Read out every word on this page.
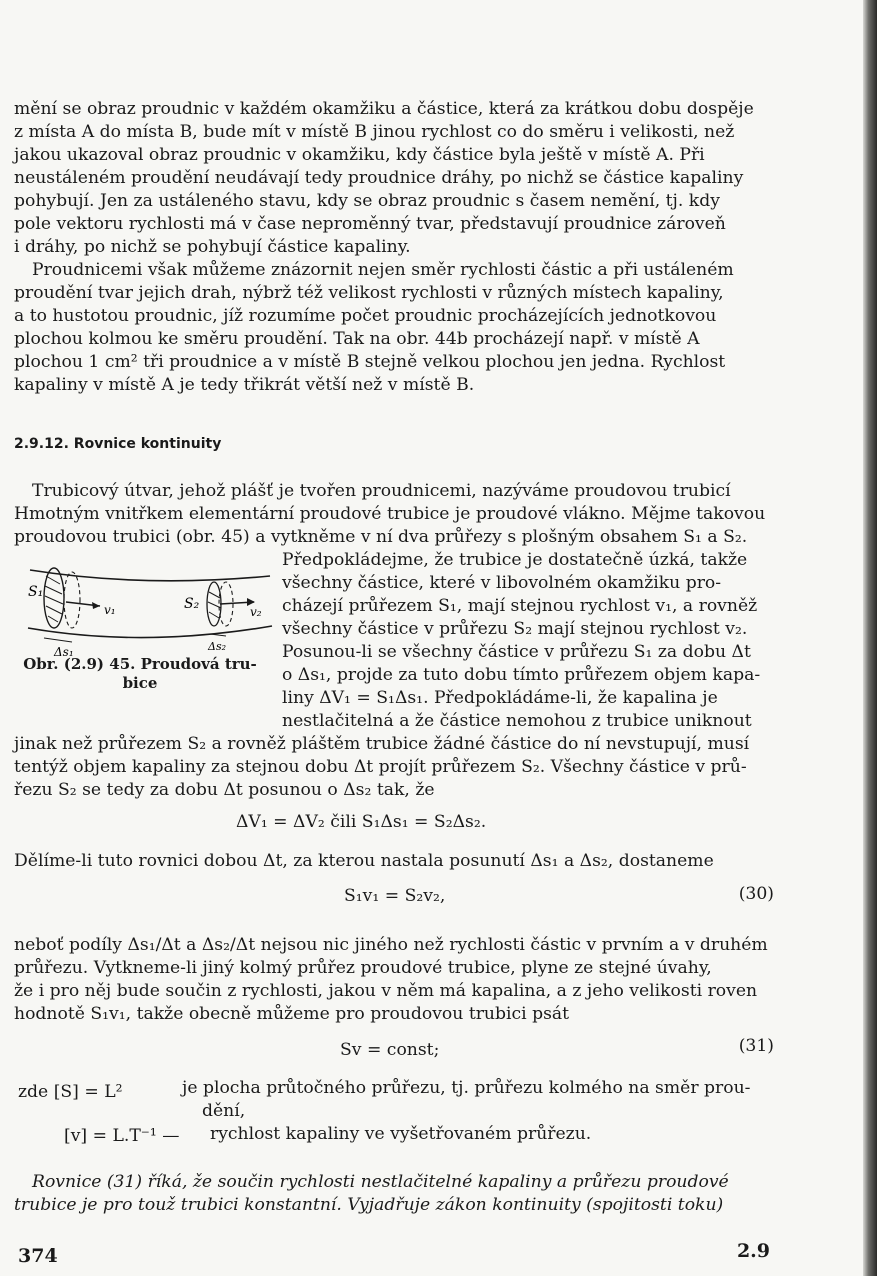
mění se obraz proudnic v každém okamžiku a částice, která za krátkou dobu dospěje
z místa A do místa B, bude mít v místě B jinou rychlost co do směru i velikosti, než
jakou ukazoval obraz proudnic v okamžiku, kdy částice byla ještě v místě A. Při
neustáleném proudění neudávají tedy proudnice dráhy, po nichž se částice kapaliny
pohybují. Jen za ustáleného stavu, kdy se obraz proudnic s časem nemění, tj. kdy
pole vektoru rychlosti má v čase neproměnný tvar, představují proudnice zároveň
i dráhy, po nichž se pohybují částice kapaliny.
Proudnicemi však můžeme znázornit nejen směr rychlosti částic a při ustáleném
proudění tvar jejich drah, nýbrž též velikost rychlosti v různých místech kapaliny,
a to hustotou proudnic, jíž rozumíme počet proudnic procházejících jednotkovou
plochou kolmou ke směru proudění. Tak na obr. 44b procházejí např. v místě A
plochou 1 cm² tři proudnice a v místě B stejně velkou plochou jen jedna. Rychlost
kapaliny v místě A je tedy třikrát větší než v místě B.
2.9.12. Rovnice kontinuity
Trubicový útvar, jehož plášť je tvořen proudnicemi, nazýváme proudovou trubicí
Hmotným vnitřkem elementární proudové trubice je proudové vlákno. Mějme takovou
proudovou trubici (obr. 45) a vytkněme v ní dva průřezy s plošným obsahem S₁ a S₂.
Předpokládejme, že trubice je dostatečně úzká, takže
všechny částice, které v libovolném okamžiku pro-
cházejí průřezem S₁, mají stejnou rychlost v₁, a rovněž
všechny částice v průřezu S₂ mají stejnou rychlost v₂.
Posunou-li se všechny částice v průřezu S₁ za dobu Δt
o Δs₁, projde za tuto dobu tímto průřezem objem kapa-
liny ΔV₁ = S₁Δs₁. Předpokládáme-li, že kapalina je
nestlačitelná a že částice nemohou z trubice uniknout
S₁
v₁	S₂	v₂
Δs₁	Δs₂
Obr. (2.9) 45. Proudová tru-
bice
jinak než průřezem S₂ a rovněž pláštěm trubice žádné částice do ní nevstupují, musí
tentýž objem kapaliny za stejnou dobu Δt projít průřezem S₂. Všechny částice v prů-
řezu S₂ se tedy za dobu Δt posunou o Δs₂ tak, že
ΔV₁ = ΔV₂ čili S₁Δs₁ = S₂Δs₂.
Dělíme-li tuto rovnici dobou Δt, za kterou nastala posunutí Δs₁ a Δs₂, dostaneme
S₁v₁ = S₂v₂,	(30)
neboť podíly Δs₁/Δt a Δs₂/Δt nejsou nic jiného než rychlosti částic v prvním a v druhém
průřezu. Vytkneme-li jiný kolmý průřez proudové trubice, plyne ze stejné úvahy,
že i pro něj bude součin z rychlosti, jakou v něm má kapalina, a z jeho velikosti roven
hodnotě S₁v₁, takže obecně můžeme pro proudovou trubici psát
Sv = const;	(31)
zde [S] = L²	je plocha průtočného průřezu, tj. průřezu kolmého na směr prou-
dění,
[v] = L.T⁻¹ — rychlost kapaliny ve vyšetřovaném průřezu.
Rovnice (31) říká, že součin rychlosti nestlačitelné kapaliny a průřezu proudové
trubice je pro touž trubici konstantní. Vyjadřuje zákon kontinuity (spojitosti toku)
374	2.9
